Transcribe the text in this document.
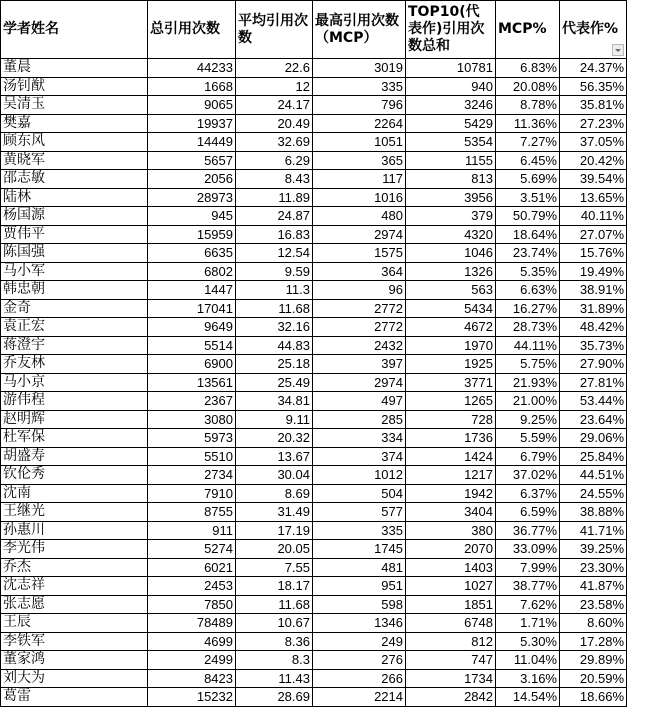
学者姓名	总引用次数	平均引用次数	最高引用次数（MCP）	TOP10(代表作)引用次数总和	MCP%	代表作%

董晨	44233	22.6	3019	10781	6.83%	24.37%
汤钊猷	1668	12	335	940	20.08%	56.35%
吴清玉	9065	24.17	796	3246	8.78%	35.81%
樊嘉	19937	20.49	2264	5429	11.36%	27.23%
顾东风	14449	32.69	1051	5354	7.27%	37.05%
黄晓军	5657	6.29	365	1155	6.45%	20.42%
邵志敏	2056	8.43	117	813	5.69%	39.54%
陆林	28973	11.89	1016	3956	3.51%	13.65%
杨国源	945	24.87	480	379	50.79%	40.11%
贾伟平	15959	16.83	2974	4320	18.64%	27.07%
陈国强	6635	12.54	1575	1046	23.74%	15.76%
马小军	6802	9.59	364	1326	5.35%	19.49%
韩忠朝	1447	11.3	96	563	6.63%	38.91%
金奇	17041	11.68	2772	5434	16.27%	31.89%
袁正宏	9649	32.16	2772	4672	28.73%	48.42%
蒋澄宇	5514	44.83	2432	1970	44.11%	35.73%
乔友林	6900	25.18	397	1925	5.75%	27.90%
马小京	13561	25.49	2974	3771	21.93%	27.81%
游伟程	2367	34.81	497	1265	21.00%	53.44%
赵明辉	3080	9.11	285	728	9.25%	23.64%
杜军保	5973	20.32	334	1736	5.59%	29.06%
胡盛寿	5510	13.67	374	1424	6.79%	25.84%
钦伦秀	2734	30.04	1012	1217	37.02%	44.51%
沈南	7910	8.69	504	1942	6.37%	24.55%
王继光	8755	31.49	577	3404	6.59%	38.88%
孙惠川	911	17.19	335	380	36.77%	41.71%
李光伟	5274	20.05	1745	2070	33.09%	39.25%
乔杰	6021	7.55	481	1403	7.99%	23.30%
沈志祥	2453	18.17	951	1027	38.77%	41.87%
张志愿	7850	11.68	598	1851	7.62%	23.58%
王辰	78489	10.67	1346	6748	1.71%	8.60%
李铁军	4699	8.36	249	812	5.30%	17.28%
董家鸿	2499	8.3	276	747	11.04%	29.89%
刘大为	8423	11.43	266	1734	3.16%	20.59%
葛雷	15232	28.69	2214	2842	14.54%	18.66%
